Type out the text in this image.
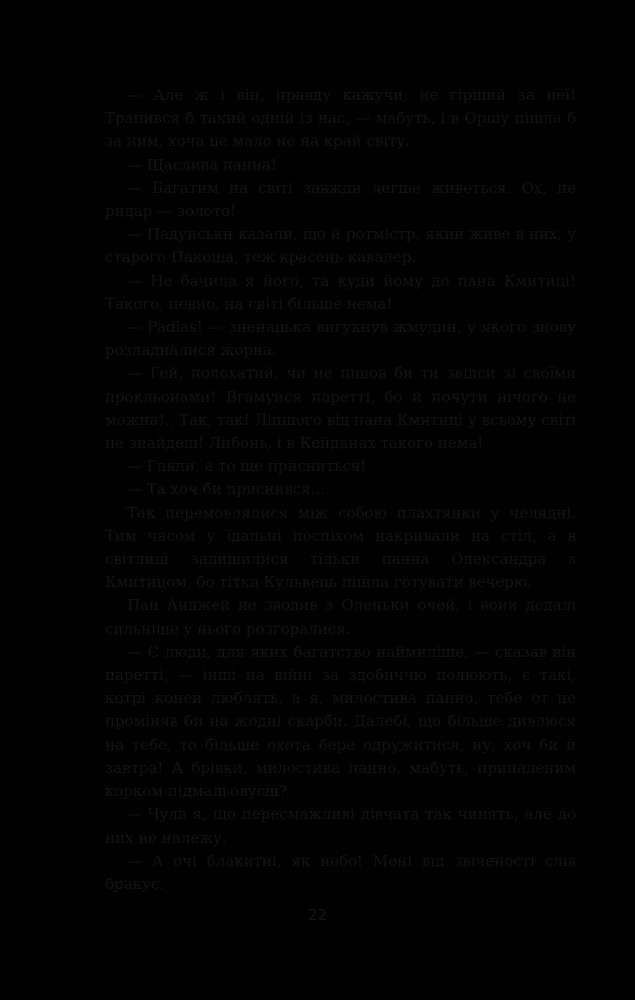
— Але ж і він, правду кажучи, не гірший за неї! Трапився б такий одній із нас, — мабуть, і в Оршу пішла б за ним, хоча це мало не на край світу.

— Щаслива панна!

— Багатим на світі завжди легше живеться. Ох, не ридар — золото!

— Падунськи казали, що й ротмістр, який живе в них, у старого Пакоша, теж красень кавалер.

— Не бачила я його, та куди йому до пана Кмитиці! Такого, певно, на світі більше нема!

— Padlas! — зненацька вигукнув жмудин, у якого знову розладналися жорна.

— Гей, полохатий, чи не пішов би ти звідси зі своїми прокльонами! Вгамуйся паретті, бо й почути нічого не можна!.. Так, так! Ліпшого від пана Кмитиці у всьому світі не знайдеш! Либонь, і в Кейданах такого нема!

— Гляди, а то ще присниться!

— Та хоч би приснився...

Так перемовлялися між собою плахтянки у челядні. Тим часом у їдальні поспіхом накривали на стіл, а в світлиці залишилися тільки панна Олександра з Кмитицом, бо тітка Кульвець пішла готувати вечерю.

Пан Анджей не зводив з Оленьки очей, і вони дедалі сильніше у нього розгоралися.

— Є люди, для яких багатство наймиліше, — сказав він паретті, — інші на війні за здобиччю полюють, є такі, котрі коней люблять, а я, милостива панно, тебе от не проміняв би на жодні скарби. Далебі, що більше дивлюся на тебе, то більше охота бере одружитися, ну, хоч би й завтра! А брівки, милостива панно, мабуть, припаленим корком підмальовуєш?

— Чула я, що пересмажливі дівчата так чинять, але до них не належу.

— А очі блакитні, як небо! Мені від звіченості слів бракує.

22
